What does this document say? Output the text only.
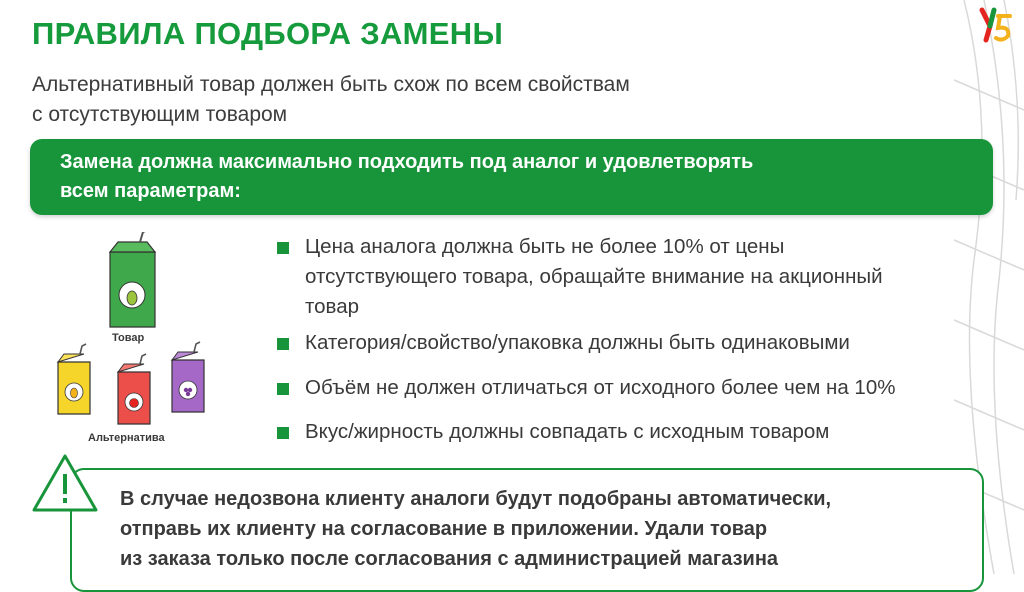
ПРАВИЛА ПОДБОРА ЗАМЕНЫ
Альтернативный товар должен быть схож по всем свойствам
с отсутствующим товаром
Замена должна максимально подходить под аналог и удовлетворять
всем параметрам:
Товар
Альтернатива
Цена аналога должна быть не более 10% от цены
отсутствующего товара, обращайте внимание на акционный
товар
Категория/свойство/упаковка должны быть одинаковыми
Объём не должен отличаться от исходного более чем на 10%
Вкус/жирность должны совпадать с исходным товаром
В случае недозвона клиенту аналоги будут подобраны автоматически,
отправь их клиенту на согласование в приложении. Удали товар
из заказа только после согласования с администрацией магазина
